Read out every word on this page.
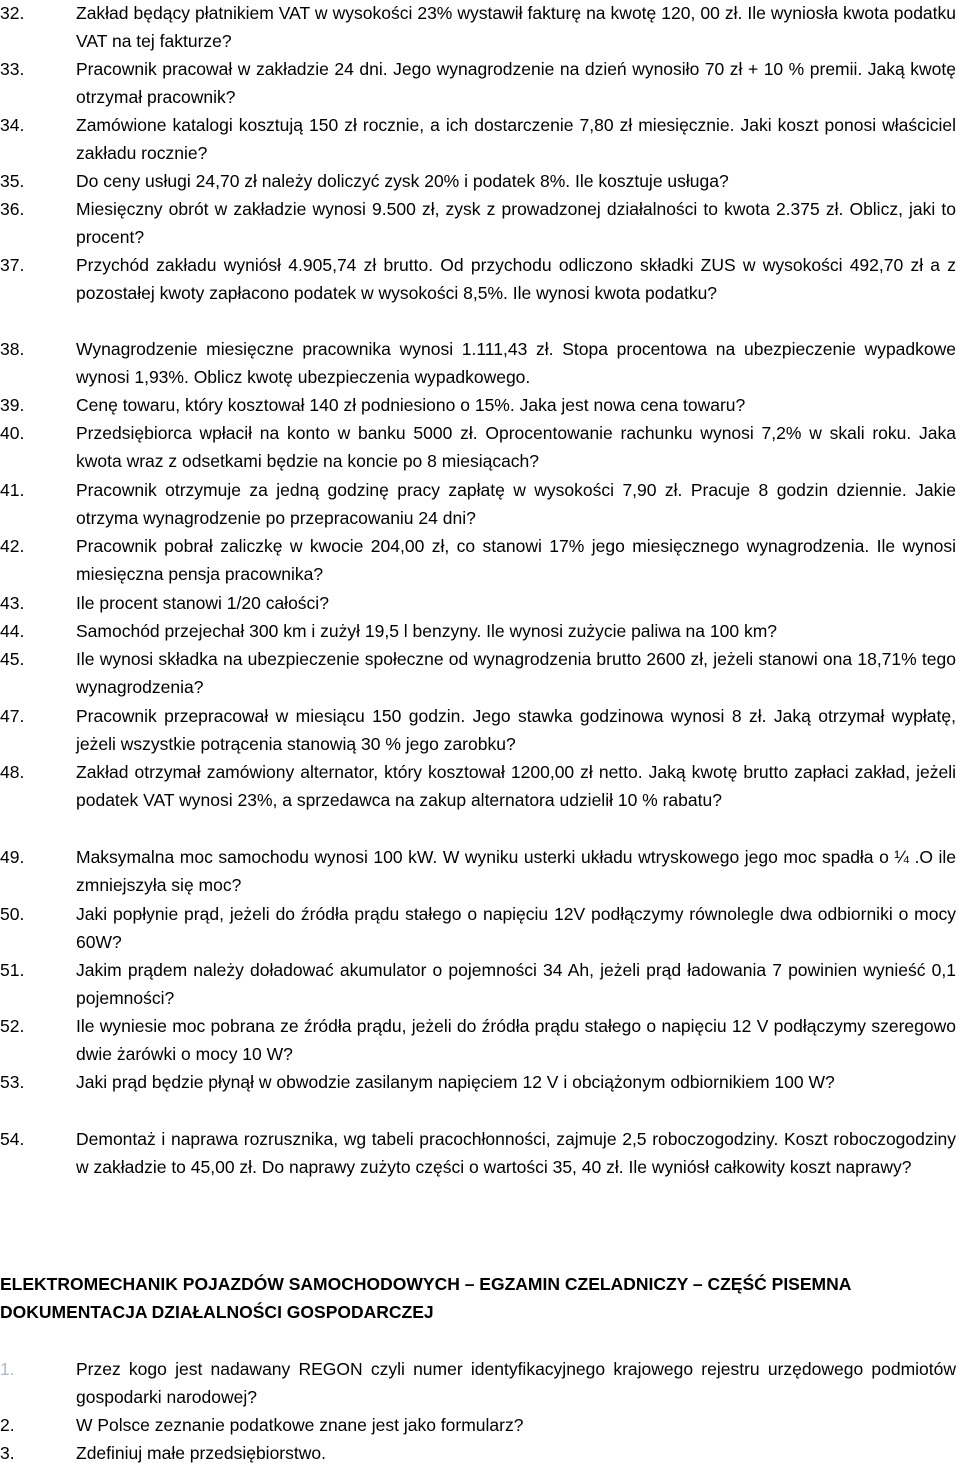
32.	Zakład będący płatnikiem VAT w wysokości 23% wystawił fakturę na kwotę 120, 00 zł. Ile wyniosła kwota podatku VAT na tej fakturze?
33.	Pracownik pracował w zakładzie 24 dni. Jego wynagrodzenie na dzień wynosiło 70 zł + 10 % premii. Jaką kwotę otrzymał pracownik?
34.	Zamówione katalogi kosztują 150 zł rocznie, a ich dostarczenie 7,80 zł miesięcznie. Jaki koszt ponosi właściciel zakładu rocznie?
35.	Do ceny usługi 24,70 zł należy doliczyć zysk 20% i podatek 8%. Ile kosztuje usługa?
36.	Miesięczny obrót w zakładzie wynosi 9.500 zł, zysk z prowadzonej działalności to kwota 2.375 zł. Oblicz, jaki to procent?
37.	Przychód zakładu wyniósł 4.905,74 zł brutto. Od przychodu odliczono składki ZUS w wysokości 492,70 zł a z pozostałej kwoty zapłacono podatek w wysokości 8,5%. Ile wynosi kwota podatku?
38.	Wynagrodzenie miesięczne pracownika wynosi 1.111,43 zł. Stopa procentowa na ubezpieczenie wypadkowe wynosi 1,93%. Oblicz kwotę ubezpieczenia wypadkowego.
39.	Cenę towaru, który kosztował 140 zł podniesiono o 15%. Jaka jest nowa cena towaru?
40.	Przedsiębiorca wpłacił na konto w banku 5000 zł. Oprocentowanie rachunku wynosi 7,2% w skali roku. Jaka kwota wraz z odsetkami będzie na koncie po 8 miesiącach?
41.	Pracownik otrzymuje za jedną godzinę pracy zapłatę w wysokości 7,90 zł. Pracuje 8 godzin dziennie. Jakie otrzyma wynagrodzenie po przepracowaniu 24 dni?
42.	Pracownik pobrał zaliczkę w kwocie 204,00 zł, co stanowi 17% jego miesięcznego wynagrodzenia. Ile wynosi miesięczna pensja pracownika?
43.	Ile procent stanowi 1/20 całości?
44.	Samochód przejechał 300 km i zużył 19,5 l benzyny. Ile wynosi zużycie paliwa na 100 km?
45.	Ile wynosi składka na ubezpieczenie społeczne od wynagrodzenia brutto 2600 zł, jeżeli stanowi ona 18,71% tego wynagrodzenia?
47.	Pracownik przepracował w miesiącu 150 godzin. Jego stawka godzinowa wynosi 8 zł. Jaką otrzymał wypłatę, jeżeli wszystkie potrącenia stanowią 30 % jego zarobku?
48.	Zakład otrzymał zamówiony alternator, który kosztował 1200,00 zł netto. Jaką kwotę brutto zapłaci zakład, jeżeli podatek VAT wynosi 23%, a sprzedawca na zakup alternatora udzielił 10 % rabatu?
49.	Maksymalna moc samochodu wynosi 100 kW. W wyniku usterki układu wtryskowego jego moc spadła o ¼ .O ile zmniejszyła się moc?
50.	Jaki popłynie prąd, jeżeli do źródła prądu stałego o napięciu 12V podłączymy równolegle dwa odbiorniki o mocy 60W?
51.	Jakim prądem należy doładować akumulator o pojemności 34 Ah, jeżeli prąd ładowania 7 powinien wynieść 0,1 pojemności?
52.	Ile wyniesie moc pobrana ze źródła prądu, jeżeli do źródła prądu stałego o napięciu 12 V podłączymy szeregowo dwie żarówki o mocy 10 W?
53.	Jaki prąd będzie płynął w obwodzie zasilanym napięciem 12 V i obciążonym odbiornikiem 100 W?
54.	Demontaż i naprawa rozrusznika, wg tabeli pracochłonności, zajmuje 2,5 roboczogodziny. Koszt roboczogodziny w zakładzie to 45,00 zł. Do naprawy zużyto części o wartości 35, 40 zł. Ile wyniósł całkowity koszt naprawy?
ELEKTROMECHANIK POJAZDÓW SAMOCHODOWYCH – EGZAMIN CZELADNICZY – CZĘŚĆ PISEMNA
DOKUMENTACJA DZIAŁALNOŚCI GOSPODARCZEJ
1.	Przez kogo jest nadawany REGON czyli numer identyfikacyjnego krajowego rejestru urzędowego podmiotów gospodarki narodowej?
2.	W Polsce zeznanie podatkowe znane jest jako formularz?
3.	Zdefiniuj małe przedsiębiorstwo.
